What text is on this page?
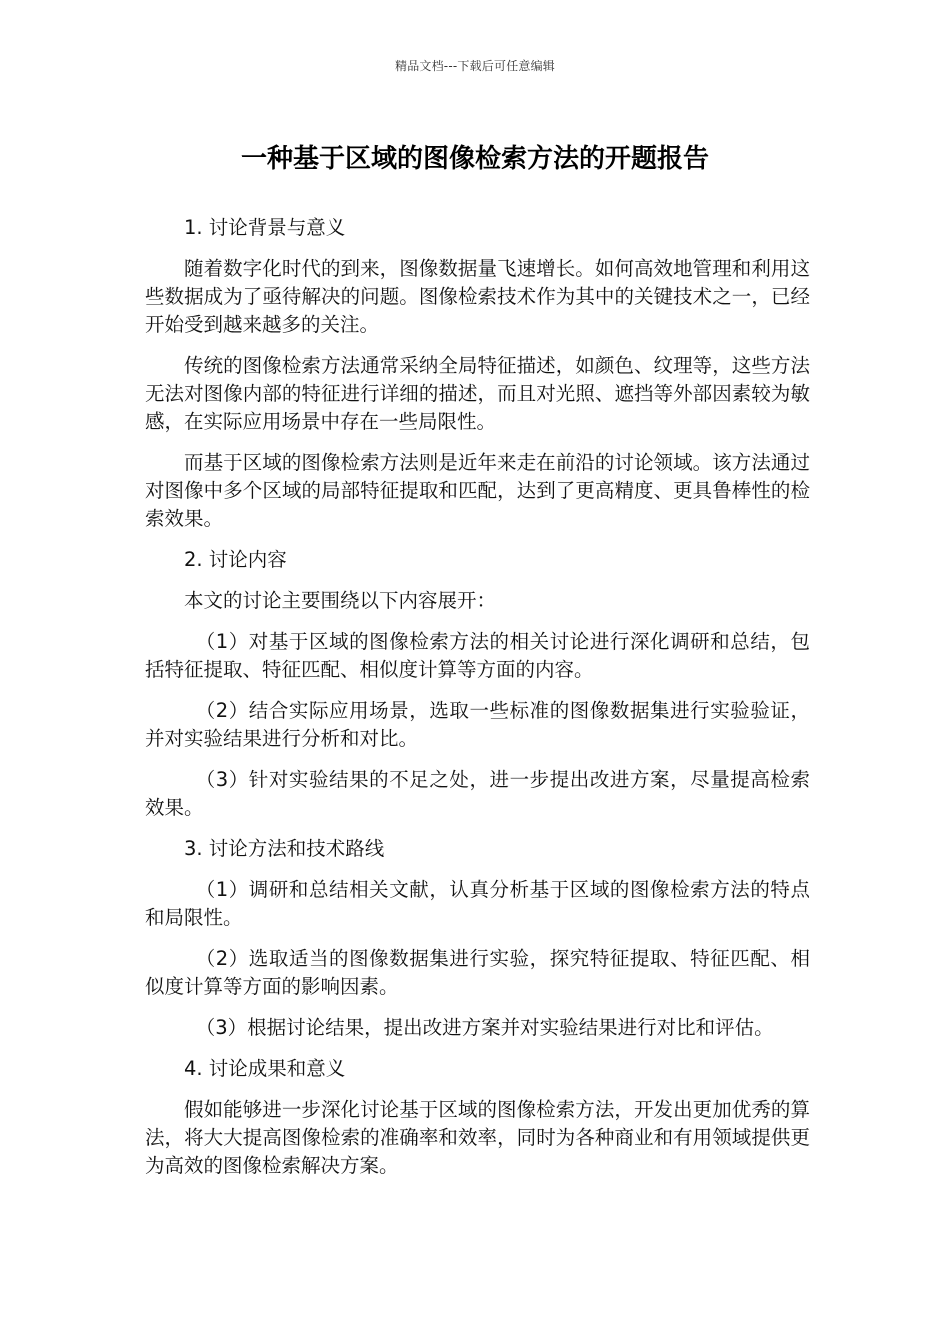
精品文档---下载后可任意编辑
一种基于区域的图像检索方法的开题报告

1. 讨论背景与意义

随着数字化时代的到来，图像数据量飞速增长。如何高效地管理和利用这些数据成为了亟待解决的问题。图像检索技术作为其中的关键技术之一，已经开始受到越来越多的关注。

传统的图像检索方法通常采纳全局特征描述，如颜色、纹理等，这些方法无法对图像内部的特征进行详细的描述，而且对光照、遮挡等外部因素较为敏感，在实际应用场景中存在一些局限性。

而基于区域的图像检索方法则是近年来走在前沿的讨论领域。该方法通过对图像中多个区域的局部特征提取和匹配，达到了更高精度、更具鲁棒性的检索效果。

2. 讨论内容

本文的讨论主要围绕以下内容展开：

（1）对基于区域的图像检索方法的相关讨论进行深化调研和总结，包括特征提取、特征匹配、相似度计算等方面的内容。

（2）结合实际应用场景，选取一些标准的图像数据集进行实验验证，并对实验结果进行分析和对比。

（3）针对实验结果的不足之处，进一步提出改进方案，尽量提高检索效果。

3. 讨论方法和技术路线

（1）调研和总结相关文献，认真分析基于区域的图像检索方法的特点和局限性。

（2）选取适当的图像数据集进行实验，探究特征提取、特征匹配、相似度计算等方面的影响因素。

（3）根据讨论结果，提出改进方案并对实验结果进行对比和评估。

4. 讨论成果和意义

假如能够进一步深化讨论基于区域的图像检索方法，开发出更加优秀的算法，将大大提高图像检索的准确率和效率，同时为各种商业和有用领域提供更为高效的图像检索解决方案。
